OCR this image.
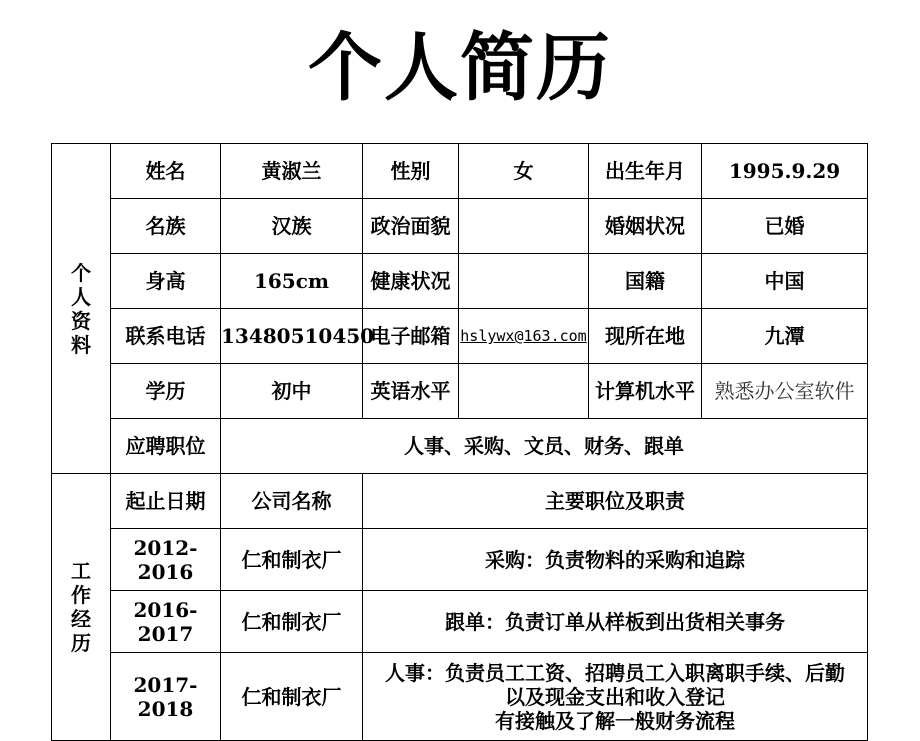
个人简历
个
人
资
料	姓名	黄淑兰	性别	女	出生年月	1995.9.29
	名族	汉族	政治面貌		婚姻状况	已婚
	身高	165cm	健康状况		国籍	中国
	联系电话	13480510450	电子邮箱	hslywx@163.com	现所在地	九潭
	学历	初中	英语水平		计算机水平	熟悉办公室软件
	应聘职位	人事、采购、文员、财务、跟单				

工
作
经
历	起止日期	公司名称	主要职位及职责			
	2012-2016	仁和制衣厂	采购：负责物料的采购和追踪			
	2016-2017	仁和制衣厂	跟单：负责订单从样板到出货相关事务			
	2017-2018	仁和制衣厂	人事：负责员工工资、招聘员工入职离职手续、后勤
以及现金支出和收入登记
有接触及了解一般财务流程			
